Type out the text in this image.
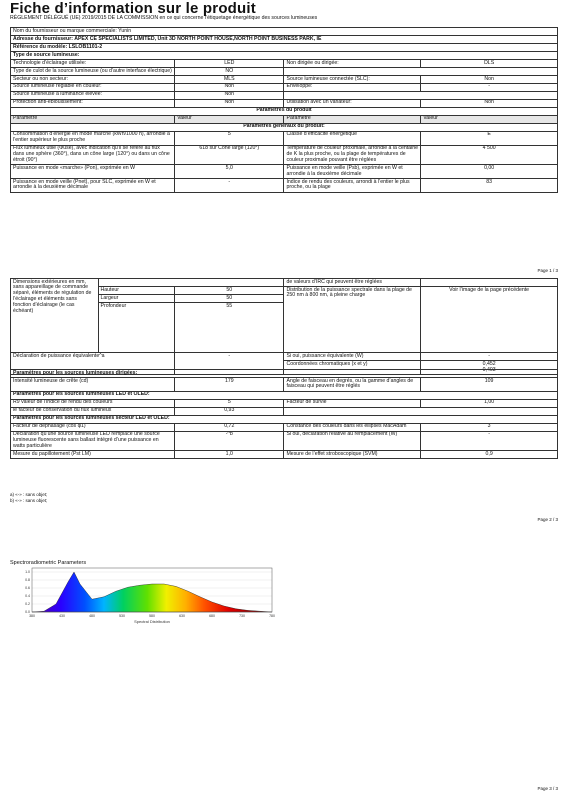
Fiche d’information sur le produit
RÈGLEMENT DÉLÉGUÉ (UE) 2019/2015 DE LA COMMISSION en ce qui concerne l’étiquetage énergétique des sources lumineuses
Nom du fournisseur ou marque commerciale: Yunin			
Adresse du fournisseur: APEX CE SPECIALISTS LIMITED, Unit 3D NORTH POINT HOUSE,NORTH POINT BUSINESS PARK, IE			
Référence du modèle: LSLOB1101-2			
Type de source lumineuse:			
Technologie d’éclairage utilisée:	LED	Non dirigée ou dirigée:	DLS
Type de culot de la source lumineuse (ou d’autre interface électrique)	NO		
Secteur ou non secteur:	MLS	Source lumineuse connectée (SLC):	Non
Source lumineuse réglable en couleur:	Non	Enveloppe:	-
Source lumineuse à luminance élevée:	Non		
Protection anti-éblouissement:	Non	Utilisation avec un variateur:	Non
Paramètres du produit			
Paramètre	Valeur	Paramètre	Valeur
Paramètres généraux du produit:			
Consommation d’énergie en mode marche (kWh/1000 h), arrondie à l’entier supérieur le plus proche	5	Classe d’efficacité énergétique	E
Flux lumineux utile (Φuse), avec indication qu’il se réfère au flux dans une sphère (360°), dans un cône large (120°) ou dans un cône étroit (90°)	618 sur Cône large (120°)	Température de couleur proximale, arrondie à la centaine de K la plus proche, ou la plage de températures de couleur proximale pouvant être réglées	4 500
Puissance en mode «marche» (Pon), exprimée en W	5,0	Puissance en mode veille (Psb), exprimée en W et arrondie à la deuxième décimale	0,00
Puissance en mode veille (Pnet), pour SLC, exprimée en W et arrondie à la deuxième décimale	-	Indice de rendu des couleurs, arrondi à l’entier le plus proche, ou la plage	83
Page 1 / 3
Dimensions extérieures en mm, sans appareillage de commande séparé, éléments de régulation de l’éclairage et éléments sans fonction d’éclairage (le cas échéant)			de valeurs d’IRC qui peuvent être réglées	
	Hauteur	50	Distribution de la puissance spectrale dans la plage de 250 nm à 800 nm, à pleine charge	Voir l’image de la page précédente
	Largeur	50		
	Profondeur	55		
Déclaration de puissance équivalente^a		-	Si oui, puissance équivalente (W)	-
			Coordonnées chromatiques (x et y)	0,452
0,403
Paramètres pour les sources lumineuses dirigées:			
Intensité lumineuse de crête (cd)	179	Angle de faisceau en degrés, ou la gamme d’angles de faisceau qui peuvent être réglés	109
Paramètres pour les sources lumineuses LED et OLED:			
R9 valeur de l’indice de rendu des couleurs	5	Facteur de survie	1,00
le facteur de conservation du flux lumineux	0,93		
Paramètres pour les sources lumineuses secteur LED et OLED:			
Facteur de déphasage (cos φ1)	0,72	Constance des couleurs dans les ellipses MacAdam	3
Déclaration qu’une source lumineuse LED remplace une source lumineuse fluorescente sans ballast intégré d’une puissance en watts particulière	-^b	Si oui, déclaration relative au remplacement (W)	-
Mesure du papillotement (Pst LM)	1,0	Mesure de l’effet stroboscopique (SVM)	0,9
a) «-» : sans objet;
b) «-» : sans objet;
Page 2 / 3
Spectroradiometric Parameters
1.0
0.8
0.6
0.4
0.2
0.0
380	430	480	530	580	630	680	730	780
Spectral Distribution
Page 3 / 3
